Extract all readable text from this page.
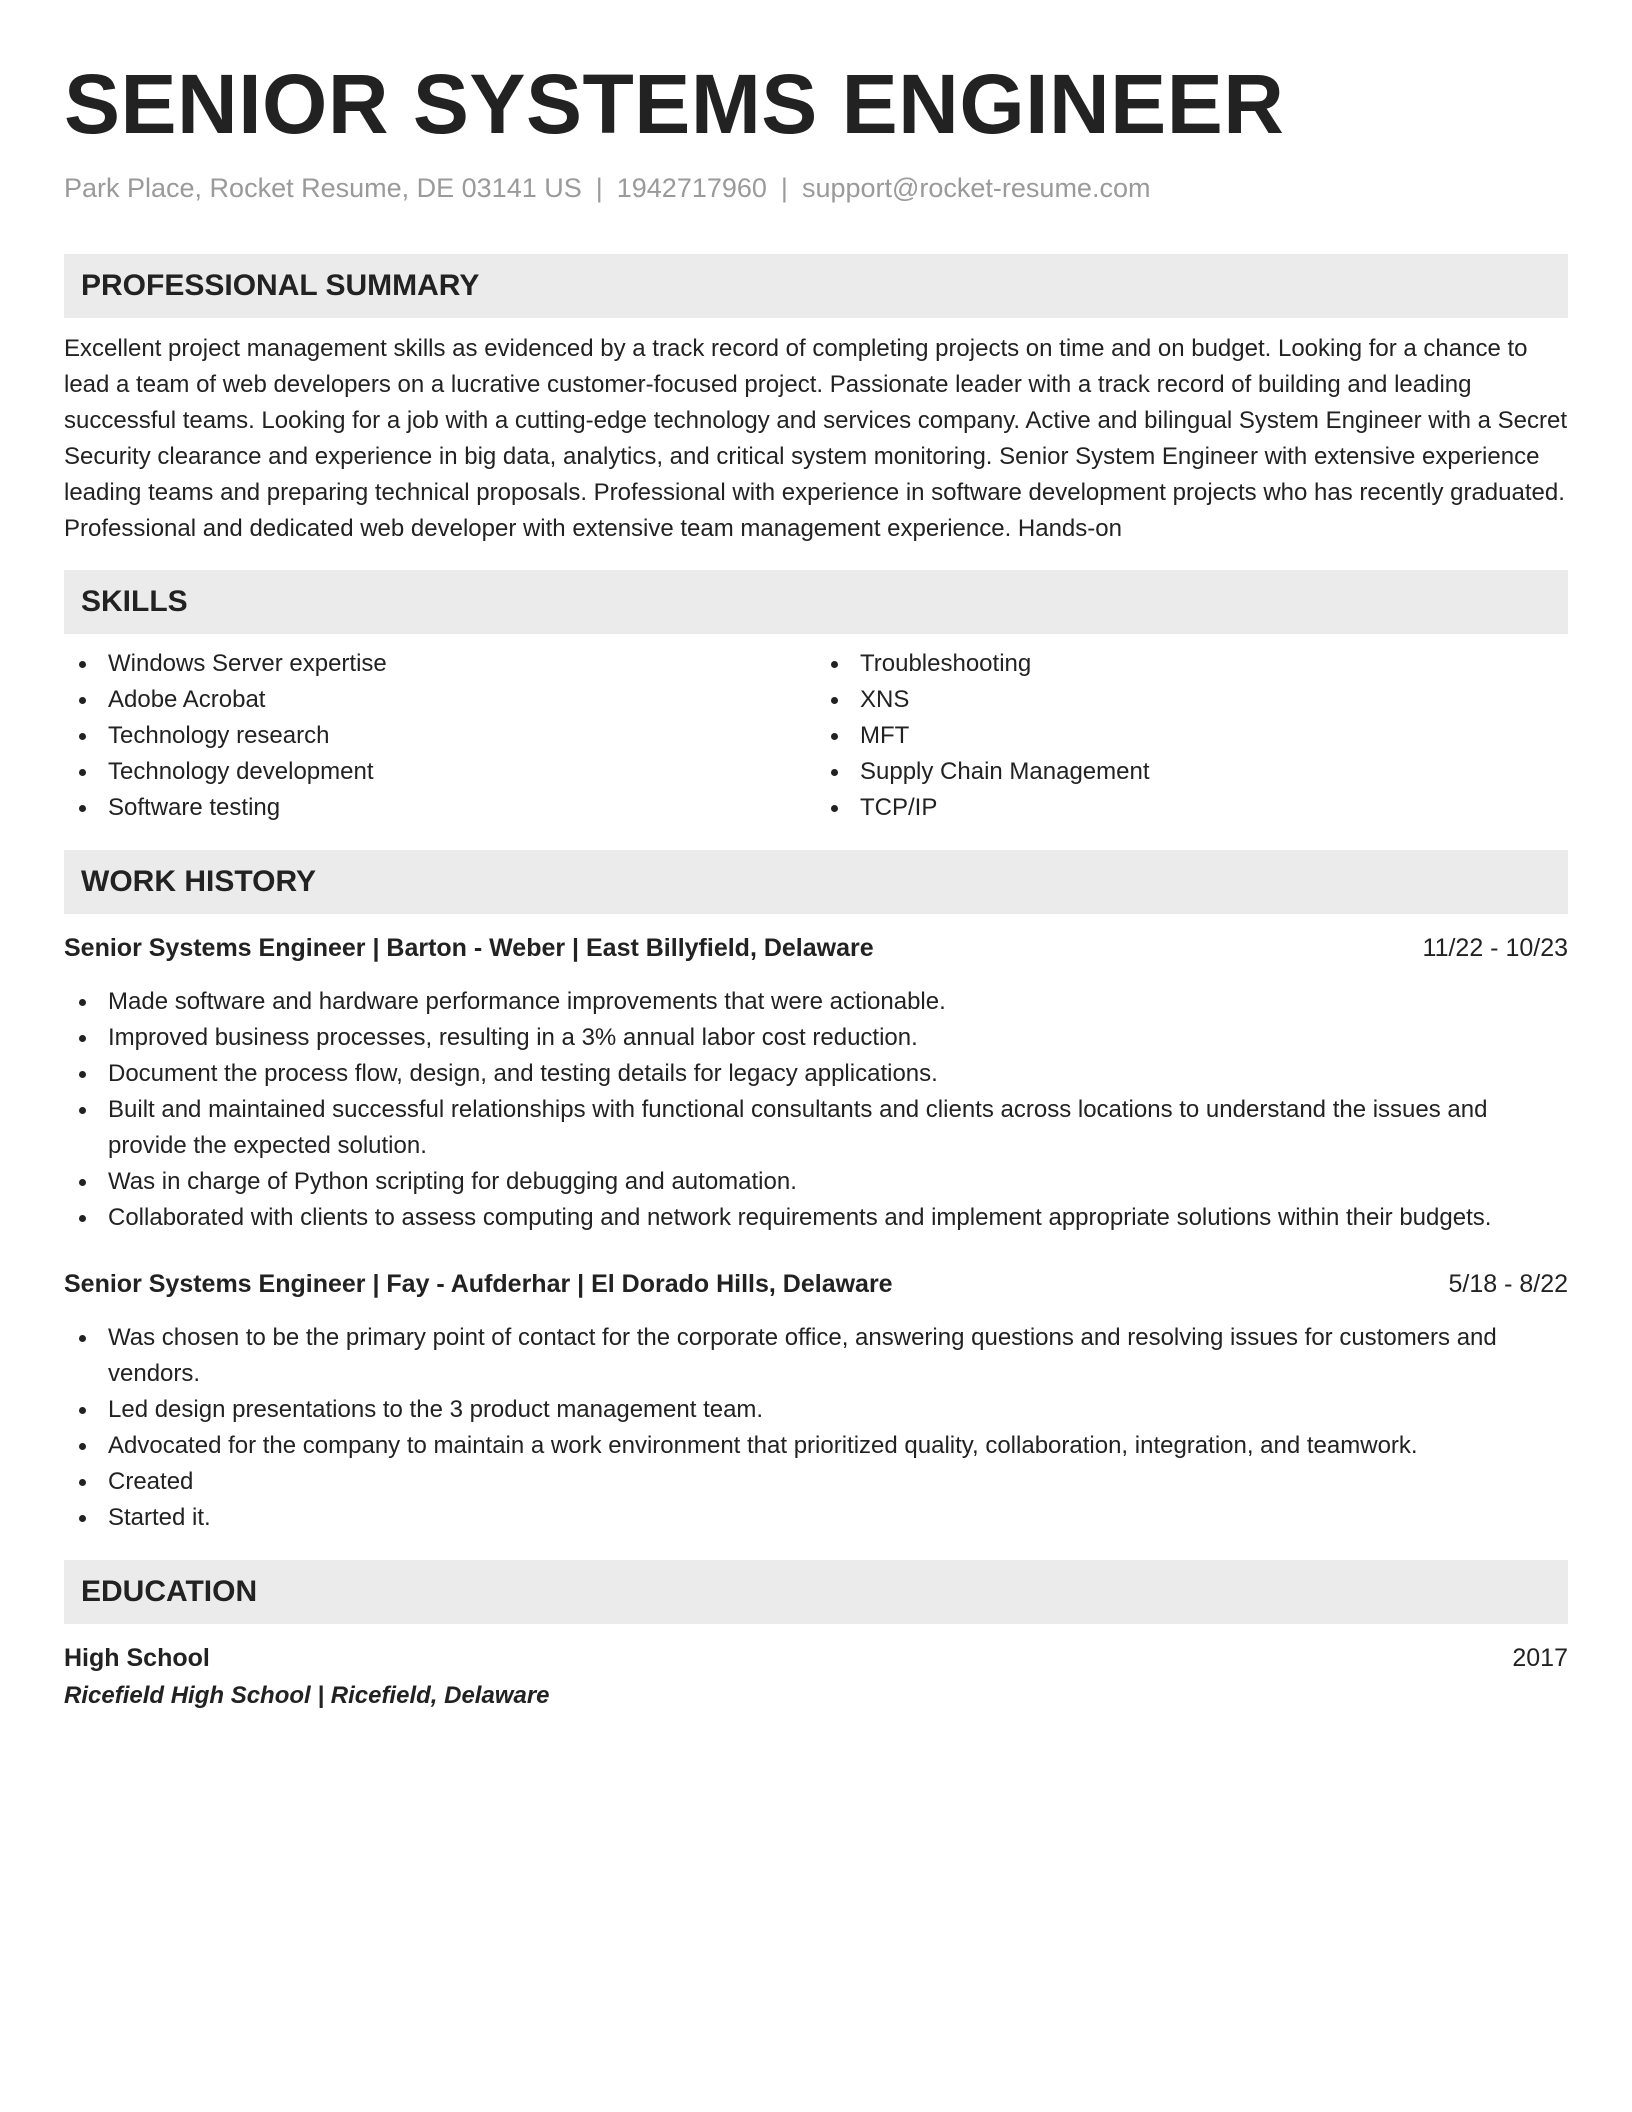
SENIOR SYSTEMS ENGINEER
Park Place, Rocket Resume, DE 03141 US | 1942717960 | support@rocket-resume.com
PROFESSIONAL SUMMARY

Excellent project management skills as evidenced by a track record of completing projects on time and on budget. Looking for a chance to lead a team of web developers on a lucrative customer-focused project. Passionate leader with a track record of building and leading successful teams. Looking for a job with a cutting-edge technology and services company. Active and bilingual System Engineer with a Secret Security clearance and experience in big data, analytics, and critical system monitoring. Senior System Engineer with extensive experience leading teams and preparing technical proposals. Professional with experience in software development projects who has recently graduated. Professional and dedicated web developer with extensive team management experience. Hands-on

SKILLS
Windows Server expertise
Adobe Acrobat
Technology research
Technology development
Software testing
Troubleshooting
XNS
MFT
Supply Chain Management
TCP/IP
WORK HISTORY
Senior Systems Engineer | Barton - Weber | East Billyfield, Delaware	11/22 - 10/23
Made software and hardware performance improvements that were actionable.
Improved business processes, resulting in a 3% annual labor cost reduction.
Document the process flow, design, and testing details for legacy applications.
Built and maintained successful relationships with functional consultants and clients across locations to understand the issues and provide the expected solution.
Was in charge of Python scripting for debugging and automation.
Collaborated with clients to assess computing and network requirements and implement appropriate solutions within their budgets.
Senior Systems Engineer | Fay - Aufderhar | El Dorado Hills, Delaware	5/18 - 8/22
Was chosen to be the primary point of contact for the corporate office, answering questions and resolving issues for customers and vendors.
Led design presentations to the 3 product management team.
Advocated for the company to maintain a work environment that prioritized quality, collaboration, integration, and teamwork.
Created
Started it.
EDUCATION
High School	2017
Ricefield High School | Ricefield, Delaware
